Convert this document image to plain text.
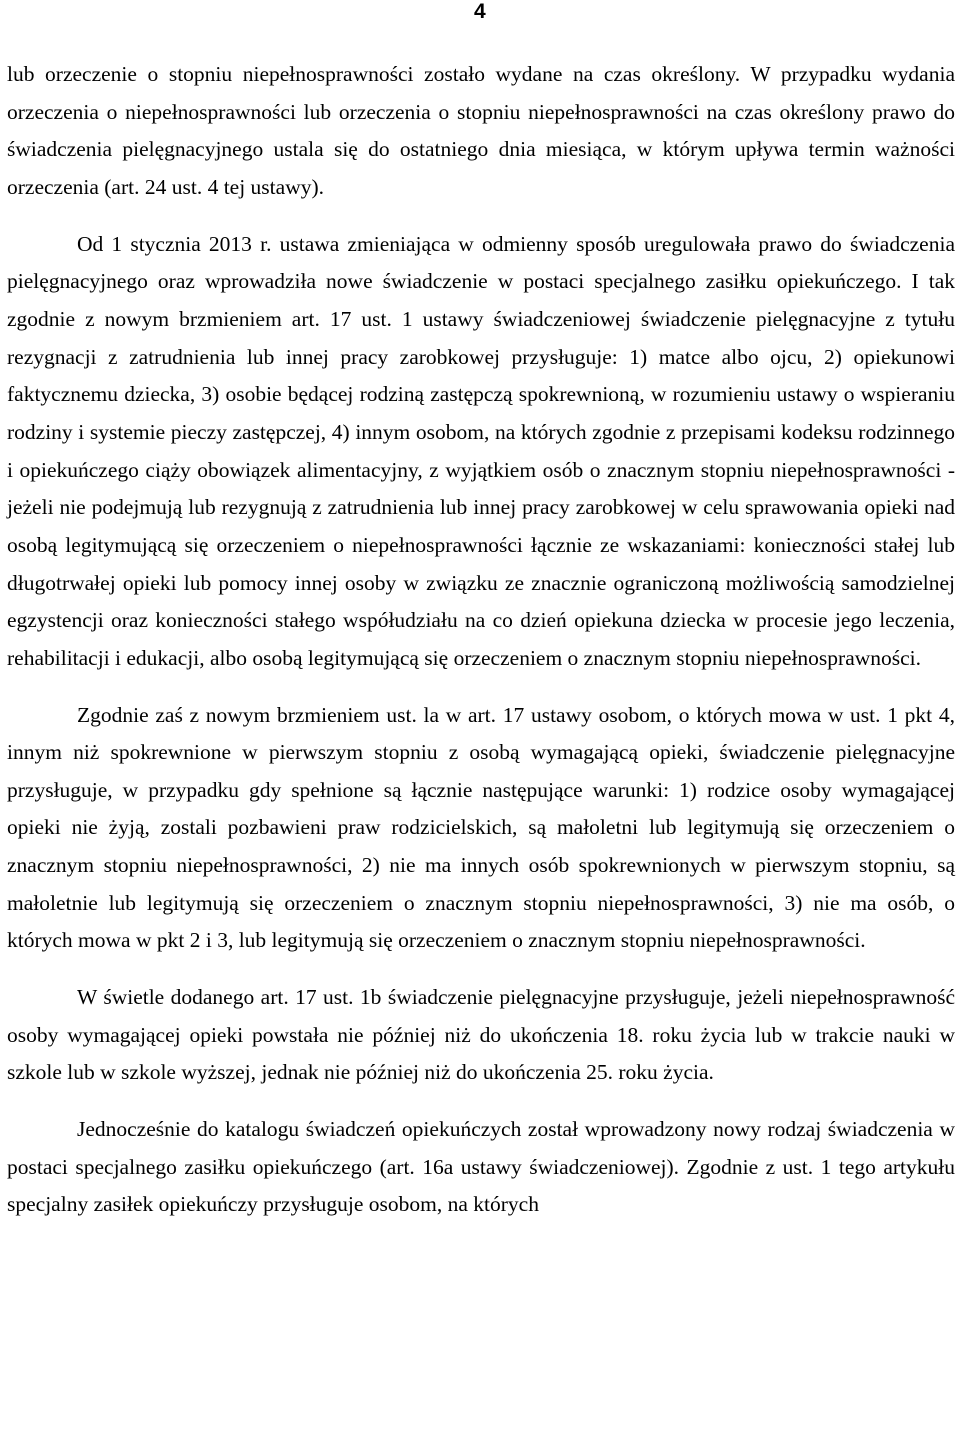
4

lub orzeczenie o stopniu niepełnosprawności zostało wydane na czas określony. W przypadku wydania orzeczenia o niepełnosprawności lub orzeczenia o stopniu niepełnosprawności na czas określony prawo do świadczenia pielęgnacyjnego ustala się do ostatniego dnia miesiąca, w którym upływa termin ważności orzeczenia (art. 24 ust. 4 tej ustawy).

Od 1 stycznia 2013 r. ustawa zmieniająca w odmienny sposób uregulowała prawo do świadczenia pielęgnacyjnego oraz wprowadziła nowe świadczenie w postaci specjalnego zasiłku opiekuńczego. I tak zgodnie z nowym brzmieniem art. 17 ust. 1 ustawy świadczeniowej świadczenie pielęgnacyjne z tytułu rezygnacji z zatrudnienia lub innej pracy zarobkowej przysługuje: 1) matce albo ojcu, 2) opiekunowi faktycznemu dziecka, 3) osobie będącej rodziną zastępczą spokrewnioną, w rozumieniu ustawy o wspieraniu rodziny i systemie pieczy zastępczej, 4) innym osobom, na których zgodnie z przepisami kodeksu rodzinnego i opiekuńczego ciąży obowiązek alimentacyjny, z wyjątkiem osób o znacznym stopniu niepełnosprawności -jeżeli nie podejmują lub rezygnują z zatrudnienia lub innej pracy zarobkowej w celu sprawowania opieki nad osobą legitymującą się orzeczeniem o niepełnosprawności łącznie ze wskazaniami: konieczności stałej lub długotrwałej opieki lub pomocy innej osoby w związku ze znacznie ograniczoną możliwością samodzielnej egzystencji oraz konieczności stałego współudziału na co dzień opiekuna dziecka w procesie jego leczenia, rehabilitacji i edukacji, albo osobą legitymującą się orzeczeniem o znacznym stopniu niepełnosprawności.

Zgodnie zaś z nowym brzmieniem ust. la w art. 17 ustawy osobom, o których mowa w ust. 1 pkt 4, innym niż spokrewnione w pierwszym stopniu z osobą wymagającą opieki, świadczenie pielęgnacyjne przysługuje, w przypadku gdy spełnione są łącznie następujące warunki: 1) rodzice osoby wymagającej opieki nie żyją, zostali pozbawieni praw rodzicielskich, są małoletni lub legitymują się orzeczeniem o znacznym stopniu niepełnosprawności, 2) nie ma innych osób spokrewnionych w pierwszym stopniu, są małoletnie lub legitymują się orzeczeniem o znacznym stopniu niepełnosprawności, 3) nie ma osób, o których mowa w pkt 2 i 3, lub legitymują się orzeczeniem o znacznym stopniu niepełnosprawności.

W świetle dodanego art. 17 ust. 1b świadczenie pielęgnacyjne przysługuje, jeżeli niepełnosprawność osoby wymagającej opieki powstała nie później niż do ukończenia 18. roku życia lub w trakcie nauki w szkole lub w szkole wyższej, jednak nie później niż do ukończenia 25. roku życia.

Jednocześnie do katalogu świadczeń opiekuńczych został wprowadzony nowy rodzaj świadczenia w postaci specjalnego zasiłku opiekuńczego (art. 16a ustawy świadczeniowej). Zgodnie z ust. 1 tego artykułu specjalny zasiłek opiekuńczy przysługuje osobom, na których
